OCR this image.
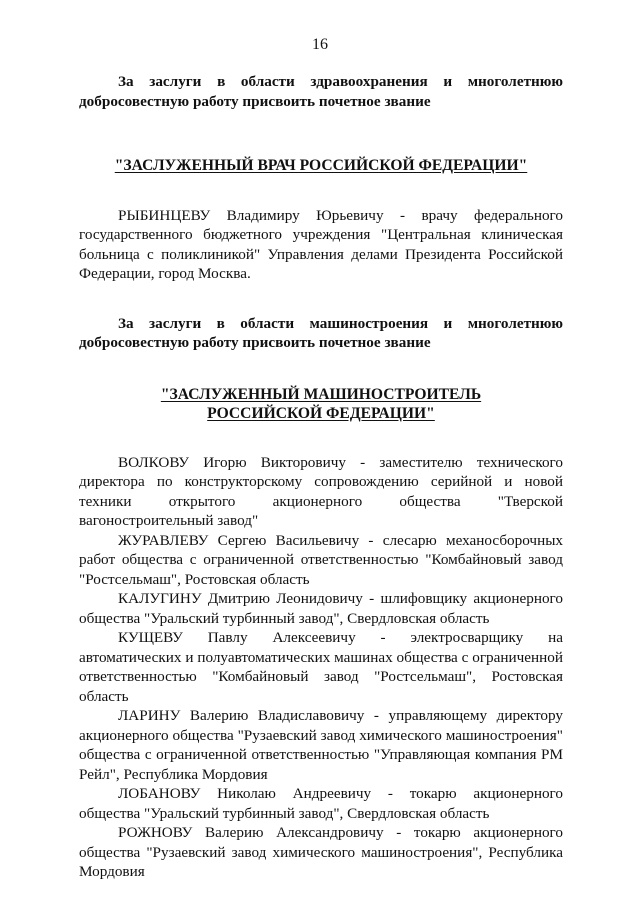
16

За заслуги в области здравоохранения и многолетнюю добросовестную работу присвоить почетное звание

"ЗАСЛУЖЕННЫЙ ВРАЧ РОССИЙСКОЙ ФЕДЕРАЦИИ"

РЫБИНЦЕВУ Владимиру Юрьевичу - врачу федерального государственного бюджетного учреждения "Центральная клиническая больница с поликлиникой" Управления делами Президента Российской Федерации, город Москва.

За заслуги в области машиностроения и многолетнюю добросовестную работу присвоить почетное звание

"ЗАСЛУЖЕННЫЙ МАШИНОСТРОИТЕЛЬ
РОССИЙСКОЙ ФЕДЕРАЦИИ"

ВОЛКОВУ Игорю Викторовичу - заместителю технического директора по конструкторскому сопровождению серийной и новой техники открытого акционерного общества "Тверской вагоностроительный завод"

ЖУРАВЛЕВУ Сергею Васильевичу - слесарю механосборочных работ общества с ограниченной ответственностью "Комбайновый завод "Ростсельмаш", Ростовская область

КАЛУГИНУ Дмитрию Леонидовичу - шлифовщику акционерного общества "Уральский турбинный завод", Свердловская область

КУЩЕВУ Павлу Алексеевичу - электросварщику на автоматических и полуавтоматических машинах общества с ограниченной ответственностью "Комбайновый завод "Ростсельмаш", Ростовская область

ЛАРИНУ Валерию Владиславовичу - управляющему директору акционерного общества "Рузаевский завод химического машиностроения" общества с ограниченной ответственностью "Управляющая компания РМ Рейл", Республика Мордовия

ЛОБАНОВУ Николаю Андреевичу - токарю акционерного общества "Уральский турбинный завод", Свердловская область

РОЖНОВУ Валерию Александровичу - токарю акционерного общества "Рузаевский завод химического машиностроения", Республика Мордовия
